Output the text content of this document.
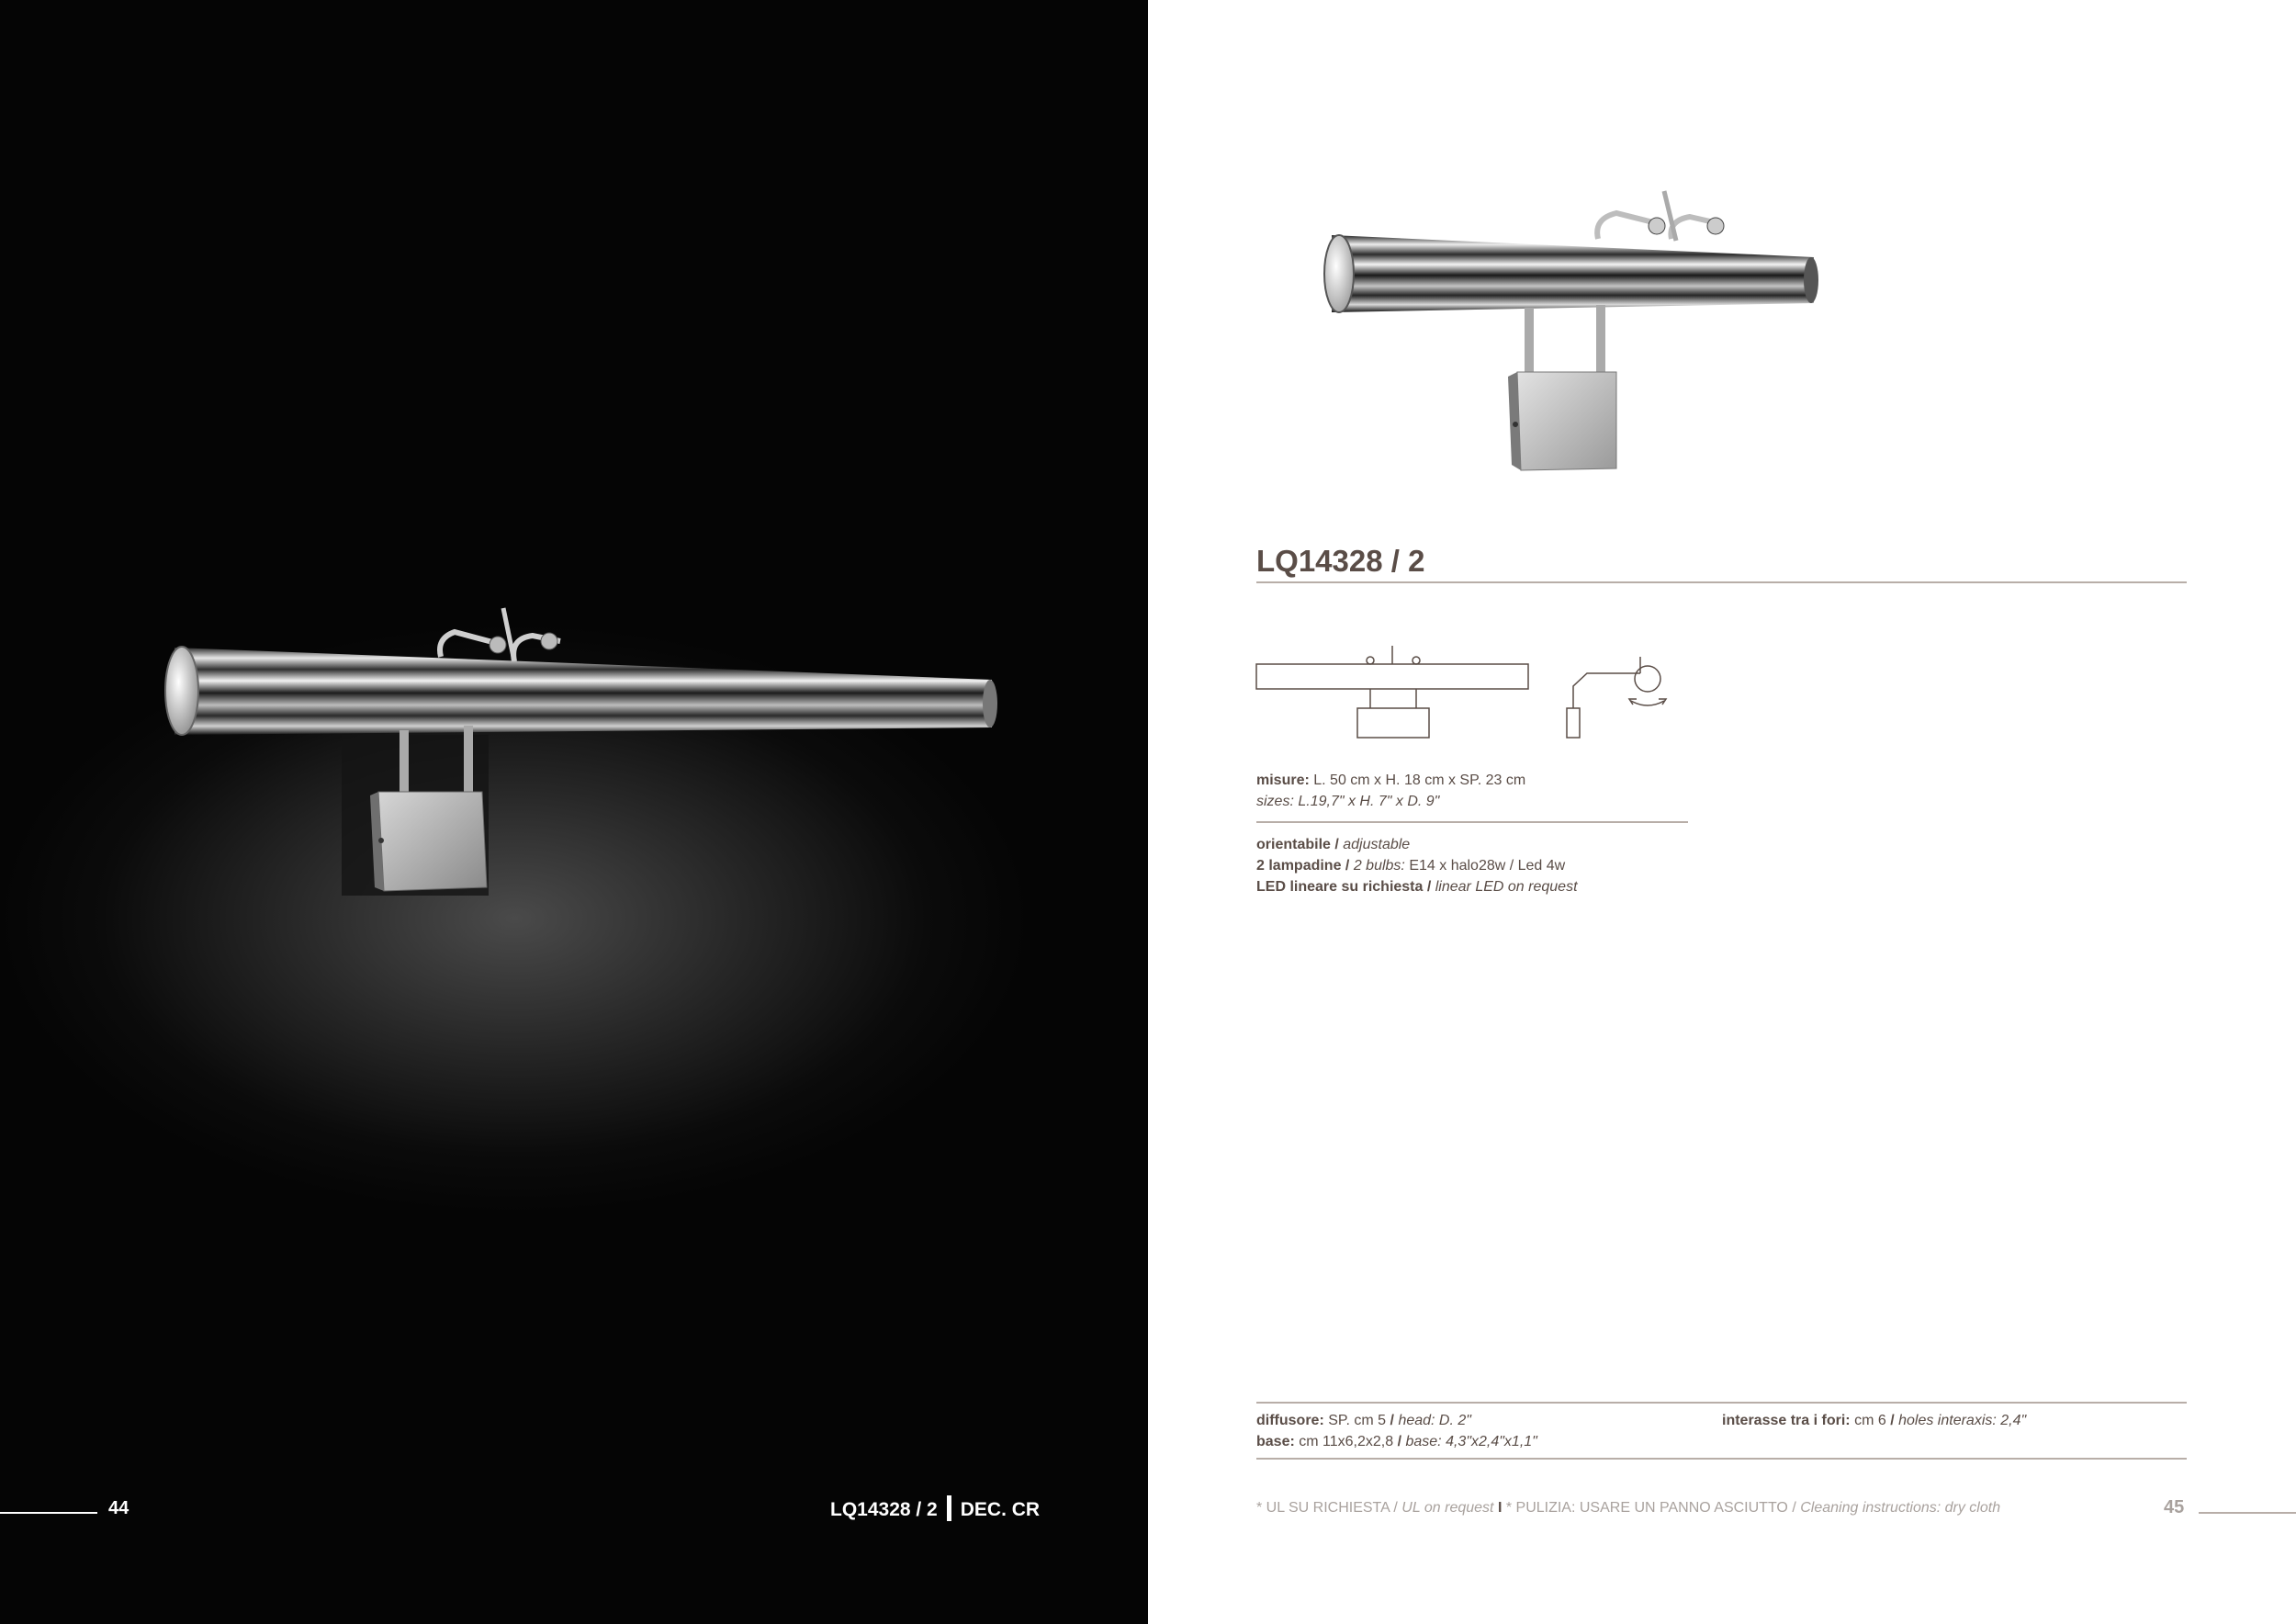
44	LQ14328 / 2 DEC. CR
LQ14328 / 2
misure: L. 50 cm x H. 18 cm x SP. 23 cm
sizes: L.19,7" x H. 7" x D. 9"
orientabile / adjustable
2 lampadine / 2 bulbs: E14 x halo28w / Led 4w
LED lineare su richiesta / linear LED on request
diffusore: SP. cm 5 / head: D. 2"
base: cm 11x6,2x2,8 / base: 4,3"x2,4"x1,1"
interasse tra i fori: cm 6 / holes interaxis: 2,4"
* UL SU RICHIESTA / UL on request I * PULIZIA: USARE UN PANNO ASCIUTTO / Cleaning instructions: dry cloth	45
